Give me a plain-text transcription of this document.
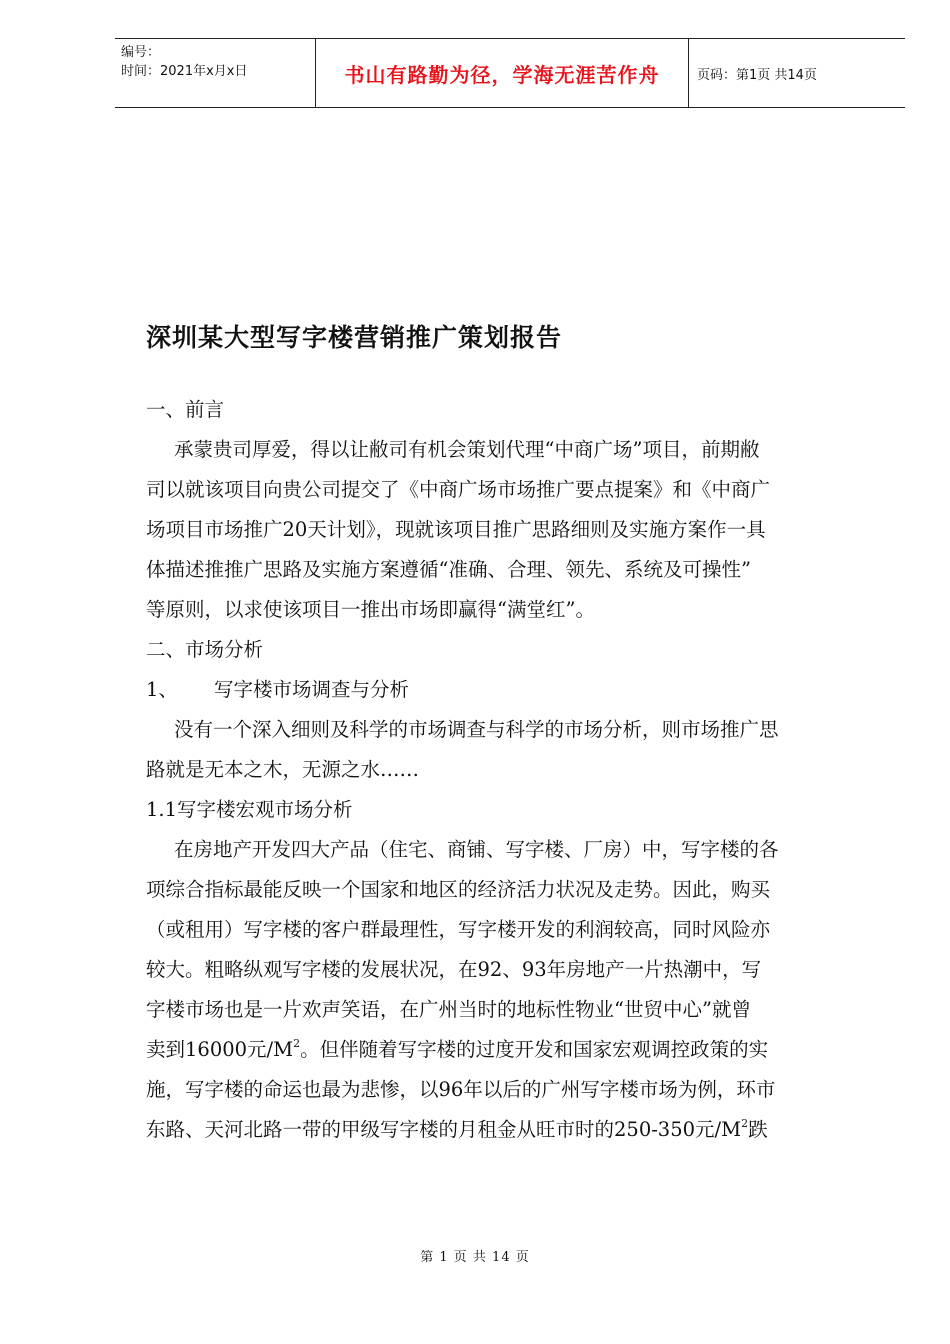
编号：
时间：2021年x月x日	书山有路勤为径，学海无涯苦作舟	页码：第1页 共14页
深圳某大型写字楼营销推广策划报告
一、前言
承蒙贵司厚爱，得以让敝司有机会策划代理“中商广场”项目，前期敝
司以就该项目向贵公司提交了《中商广场市场推广要点提案》和《中商广
场项目市场推广20天计划》，现就该项目推广思路细则及实施方案作一具
体描述推推广思路及实施方案遵循“准确、合理、领先、系统及可操性”
等原则，以求使该项目一推出市场即赢得“满堂红”。
二、市场分析
1、 写字楼市场调查与分析
没有一个深入细则及科学的市场调查与科学的市场分析，则市场推广思
路就是无本之木，无源之水……
1.1写字楼宏观市场分析
在房地产开发四大产品（住宅、商铺、写字楼、厂房）中，写字楼的各
项综合指标最能反映一个国家和地区的经济活力状况及走势。因此，购买
（或租用）写字楼的客户群最理性，写字楼开发的利润较高，同时风险亦
较大。粗略纵观写字楼的发展状况，在92、93年房地产一片热潮中，写
字楼市场也是一片欢声笑语，在广州当时的地标性物业“世贸中心”就曾
卖到16000元$/M^2$。但伴随着写字楼的过度开发和国家宏观调控政策的实
施，写字楼的命运也最为悲惨，以96年以后的广州写字楼市场为例，环市
东路、天河北路一带的甲级写字楼的月租金从旺市时的250-350元$/M^2$跌
第 1 页 共 14 页
